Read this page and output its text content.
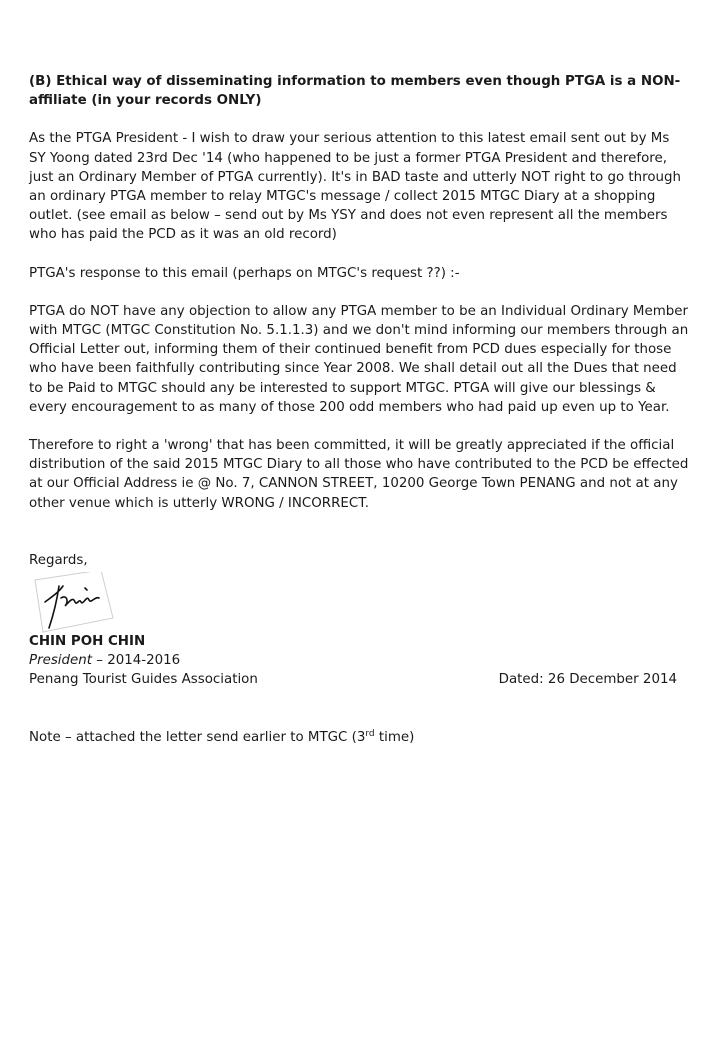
(B) Ethical way of disseminating information to members even though PTGA is a NON-affiliate (in your records ONLY)

As the PTGA President - I wish to draw your serious attention to this latest email sent out by Ms SY Yoong dated 23rd Dec '14 (who happened to be just a former PTGA President and therefore, just an Ordinary Member of PTGA currently). It's in BAD taste and utterly NOT right to go through an ordinary PTGA member to relay MTGC's message / collect 2015 MTGC Diary at a shopping outlet. (see email as below – send out by Ms YSY and does not even represent all the members who has paid the PCD as it was an old record)

PTGA's response to this email (perhaps on MTGC's request ??) :-

PTGA do NOT have any objection to allow any PTGA member to be an Individual Ordinary Member with MTGC (MTGC Constitution No. 5.1.1.3) and we don't mind informing our members through an Official Letter out, informing them of their continued benefit from PCD dues especially for those who have been faithfully contributing since Year 2008. We shall detail out all the Dues that need to be Paid to MTGC should any be interested to support MTGC. PTGA will give our blessings & every encouragement to as many of those 200 odd members who had paid up even up to Year.

Therefore to right a 'wrong' that has been committed, it will be greatly appreciated if the official distribution of the said 2015 MTGC Diary to all those who have contributed to the PCD be effected at our Official Address ie @ No. 7, CANNON STREET, 10200 George Town PENANG and not at any other venue which is utterly WRONG / INCORRECT.

Regards,
CHIN POH CHIN
President – 2014-2016
Penang Tourist Guides Association	Dated: 26 December 2014
Note – attached the letter send earlier to MTGC (3rd time)
